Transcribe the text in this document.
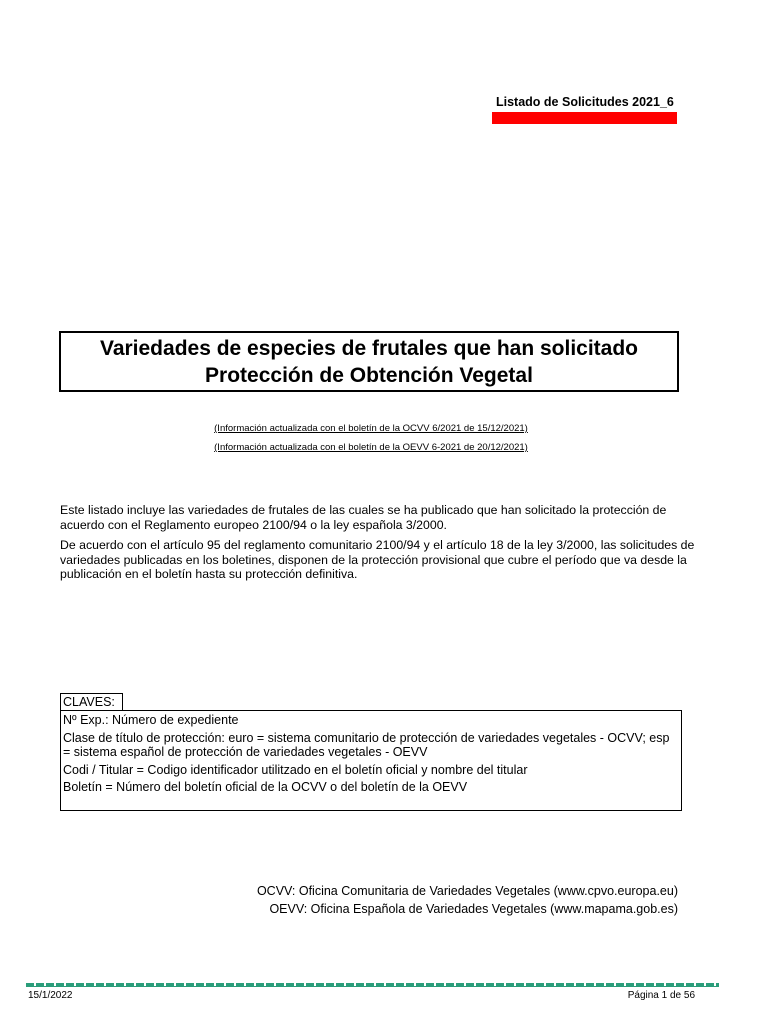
Listado de Solicitudes 2021_6
Variedades de especies de frutales que han solicitado
Protección de Obtención Vegetal
(Información actualizada con el boletín de la OCVV 6/2021 de 15/12/2021)
(Información actualizada con el boletín de la OEVV 6-2021 de 20/12/2021)
Este listado incluye las variedades de frutales de las cuales se ha publicado que han solicitado la protección de acuerdo con el Reglamento europeo 2100/94 o la ley española 3/2000.
De acuerdo con el artículo 95 del reglamento comunitario 2100/94 y el artículo 18 de la ley 3/2000, las solicitudes de variedades publicadas en los boletines, disponen de la protección provisional que cubre el período que va desde la publicación en el boletín hasta su protección definitiva.
CLAVES:
Nº Exp.: Número de expediente
Clase de título de protección: euro = sistema comunitario de protección de variedades vegetales - OCVV; esp = sistema español de protección de variedades vegetales - OEVV
Codi / Titular = Codigo identificador utilitzado en el boletín oficial y nombre del titular
Boletín = Número del boletín oficial de la OCVV o del boletín de la OEVV
OCVV: Oficina Comunitaria de Variedades Vegetales (www.cpvo.europa.eu)
OEVV: Oficina Española de Variedades Vegetales (www.mapama.gob.es)
15/1/2022	Página 1 de 56
